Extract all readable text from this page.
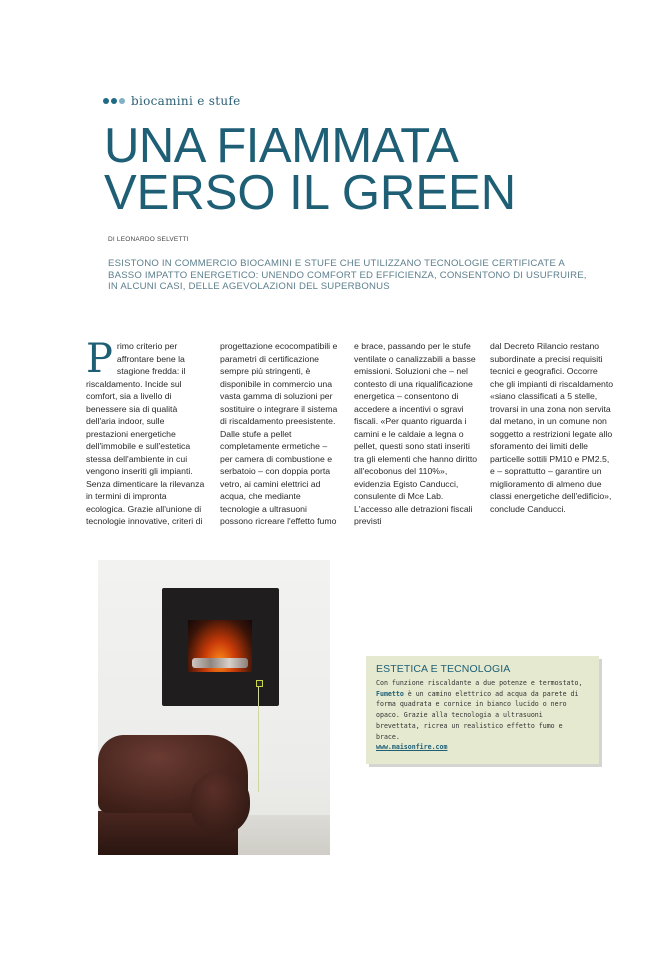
biocamini e stufe
UNA FIAMMATA
VERSO IL GREEN
DI LEONARDO SELVETTI
ESISTONO IN COMMERCIO BIOCAMINI E STUFE CHE UTILIZZANO TECNOLOGIE CERTIFICATE A BASSO IMPATTO ENERGETICO: UNENDO COMFORT ED EFFICIENZA, CONSENTONO DI USUFRUIRE, IN ALCUNI CASI, DELLE AGEVOLAZIONI DEL SUPERBONUS

Primo criterio per affrontare bene la stagione fredda: il riscaldamento. Incide sul comfort, sia a livello di benessere sia di qualità dell'aria indoor, sulle prestazioni energetiche dell'immobile e sull'estetica stessa dell'ambiente in cui vengono inseriti gli impianti. Senza dimenticare la rilevanza in termini di impronta ecologica. Grazie all'unione di tecnologie innovative, criteri di

progettazione ecocompatibili e parametri di certificazione sempre più stringenti, è disponibile in commercio una vasta gamma di soluzioni per sostituire o integrare il sistema di riscaldamento preesistente. Dalle stufe a pellet completamente ermetiche – per camera di combustione e serbatoio – con doppia porta vetro, ai camini elettrici ad acqua, che mediante tecnologie a ultrasuoni possono ricreare l'effetto fumo

e brace, passando per le stufe ventilate o canalizzabili a basse emissioni. Soluzioni che – nel contesto di una riqualificazione energetica – consentono di accedere a incentivi o sgravi fiscali. «Per quanto riguarda i camini e le caldaie a legna o pellet, questi sono stati inseriti tra gli elementi che hanno diritto all'ecobonus del 110%», evidenzia Egisto Canducci, consulente di Mce Lab. L'accesso alle detrazioni fiscali previsti

dal Decreto Rilancio restano subordinate a precisi requisiti tecnici e geografici. Occorre che gli impianti di riscaldamento «siano classificati a 5 stelle, trovarsi in una zona non servita dal metano, in un comune non soggetto a restrizioni legate allo sforamento dei limiti delle particelle sottili PM10 e PM2.5, e – soprattutto – garantire un miglioramento di almeno due classi energetiche dell'edificio», conclude Canducci.

ESTETICA E TECNOLOGIA

Con funzione riscaldante a due potenze e termostato, Fumetto è un camino elettrico ad acqua da parete di forma quadrata e cornice in bianco lucido o nero opaco. Grazie alla tecnologia a ultrasuoni brevettata, ricrea un realistico effetto fumo e brace.

www.maisonfire.com
